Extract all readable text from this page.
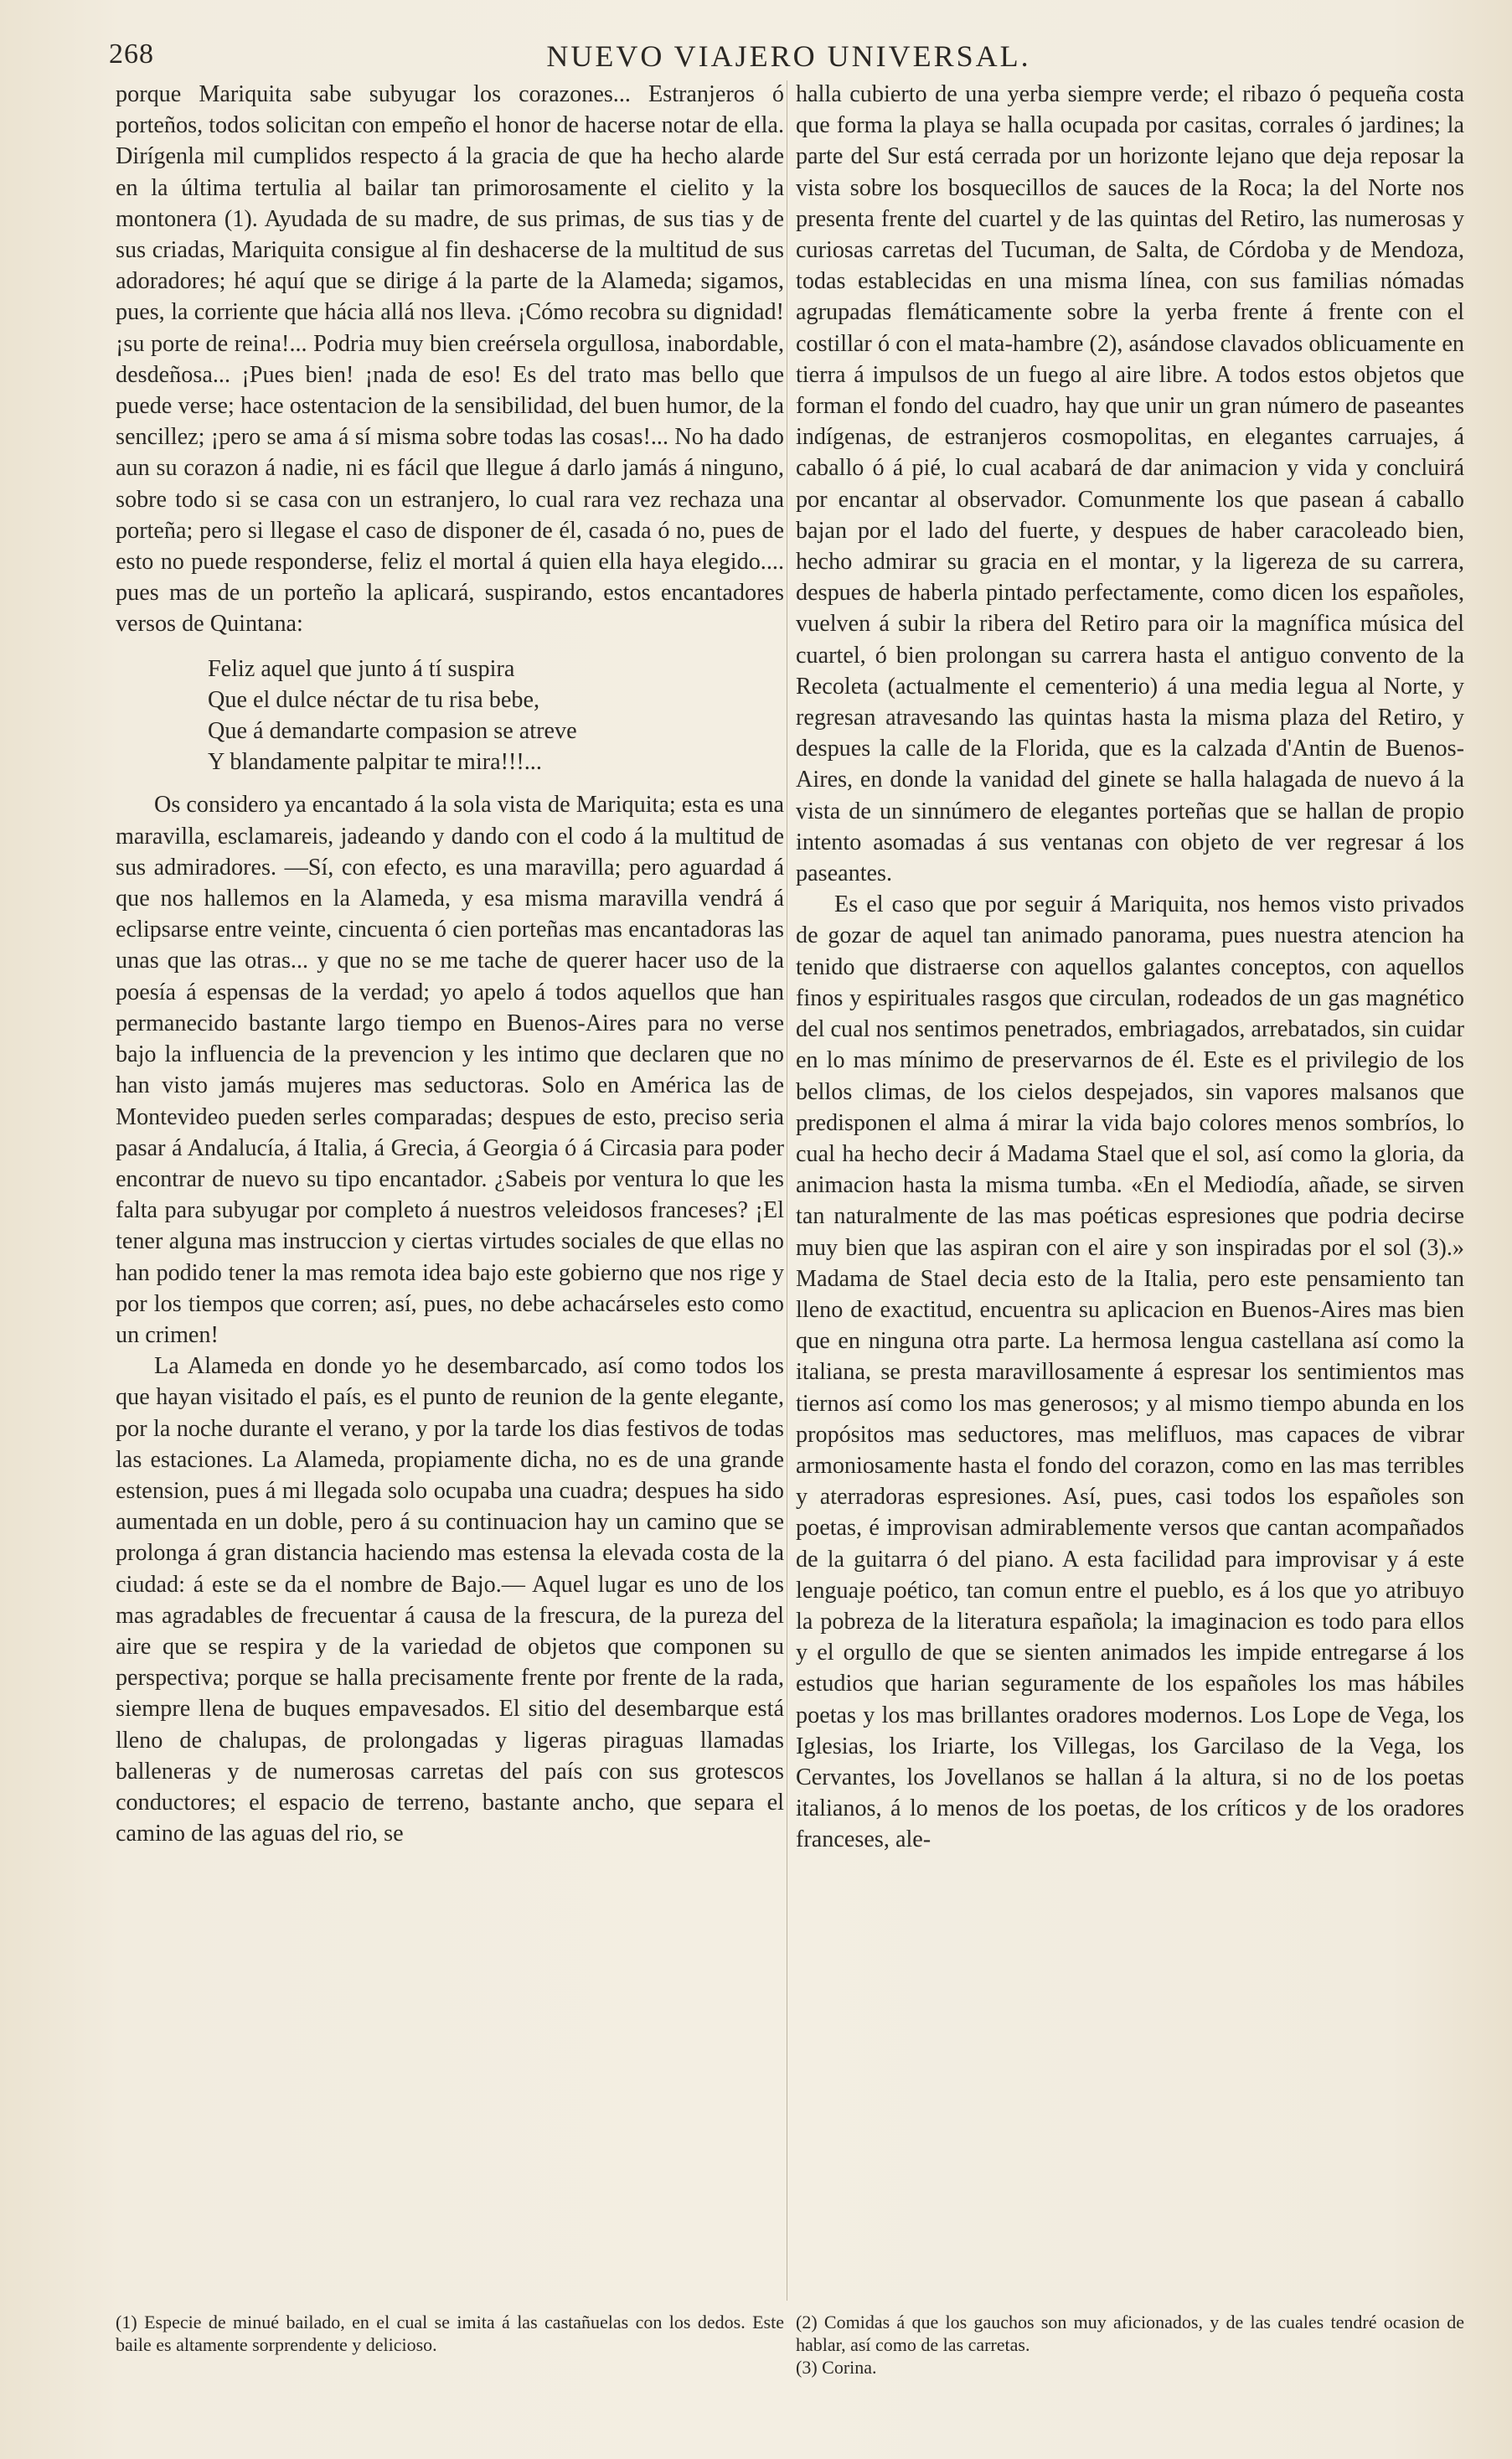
268	NUEVO VIAJERO UNIVERSAL.

porque Mariquita sabe subyugar los corazones... Estranjeros ó porteños, todos solicitan con empeño el honor de hacerse notar de ella. Dirígenla mil cumplidos respecto á la gracia de que ha hecho alarde en la última tertulia al bailar tan primorosamente el cielito y la montonera (1). Ayudada de su madre, de sus primas, de sus tias y de sus criadas, Mariquita consigue al fin deshacerse de la multitud de sus adoradores; hé aquí que se dirige á la parte de la Alameda; sigamos, pues, la corriente que hácia allá nos lleva. ¡Cómo recobra su dignidad! ¡su porte de reina!... Podria muy bien creérsela orgullosa, inabordable, desdeñosa... ¡Pues bien! ¡nada de eso! Es del trato mas bello que puede verse; hace ostentacion de la sensibilidad, del buen humor, de la sencillez; ¡pero se ama á sí misma sobre todas las cosas!... No ha dado aun su corazon á nadie, ni es fácil que llegue á darlo jamás á ninguno, sobre todo si se casa con un estranjero, lo cual rara vez rechaza una porteña; pero si llegase el caso de disponer de él, casada ó no, pues de esto no puede responderse, feliz el mortal á quien ella haya elegido.... pues mas de un porteño la aplicará, suspirando, estos encantadores versos de Quintana:

Feliz aquel que junto á tí suspira
Que el dulce néctar de tu risa bebe,
Que á demandarte compasion se atreve
Y blandamente palpitar te mira!!!...

Os considero ya encantado á la sola vista de Mariquita; esta es una maravilla, esclamareis, jadeando y dando con el codo á la multitud de sus admiradores. —Sí, con efecto, es una maravilla; pero aguardad á que nos hallemos en la Alameda, y esa misma maravilla vendrá á eclipsarse entre veinte, cincuenta ó cien porteñas mas encantadoras las unas que las otras... y que no se me tache de querer hacer uso de la poesía á espensas de la verdad; yo apelo á todos aquellos que han permanecido bastante largo tiempo en Buenos-Aires para no verse bajo la influencia de la prevencion y les intimo que declaren que no han visto jamás mujeres mas seductoras. Solo en América las de Montevideo pueden serles comparadas; despues de esto, preciso seria pasar á Andalucía, á Italia, á Grecia, á Georgia ó á Circasia para poder encontrar de nuevo su tipo encantador. ¿Sabeis por ventura lo que les falta para subyugar por completo á nuestros veleidosos franceses? ¡El tener alguna mas instruccion y ciertas virtudes sociales de que ellas no han podido tener la mas remota idea bajo este gobierno que nos rige y por los tiempos que corren; así, pues, no debe achacárseles esto como un crimen!

La Alameda en donde yo he desembarcado, así como todos los que hayan visitado el país, es el punto de reunion de la gente elegante, por la noche durante el verano, y por la tarde los dias festivos de todas las estaciones. La Alameda, propiamente dicha, no es de una grande estension, pues á mi llegada solo ocupaba una cuadra; despues ha sido aumentada en un doble, pero á su continuacion hay un camino que se prolonga á gran distancia haciendo mas estensa la elevada costa de la ciudad: á este se da el nombre de Bajo.— Aquel lugar es uno de los mas agradables de frecuentar á causa de la frescura, de la pureza del aire que se respira y de la variedad de objetos que componen su perspectiva; porque se halla precisamente frente por frente de la rada, siempre llena de buques empavesados. El sitio del desembarque está lleno de chalupas, de prolongadas y ligeras piraguas llamadas balleneras y de numerosas carretas del país con sus grotescos conductores; el espacio de terreno, bastante ancho, que separa el camino de las aguas del rio, se

halla cubierto de una yerba siempre verde; el ribazo ó pequeña costa que forma la playa se halla ocupada por casitas, corrales ó jardines; la parte del Sur está cerrada por un horizonte lejano que deja reposar la vista sobre los bosquecillos de sauces de la Roca; la del Norte nos presenta frente del cuartel y de las quintas del Retiro, las numerosas y curiosas carretas del Tucuman, de Salta, de Córdoba y de Mendoza, todas establecidas en una misma línea, con sus familias nómadas agrupadas flemáticamente sobre la yerba frente á frente con el costillar ó con el mata-hambre (2), asándose clavados oblicuamente en tierra á impulsos de un fuego al aire libre. A todos estos objetos que forman el fondo del cuadro, hay que unir un gran número de paseantes indígenas, de estranjeros cosmopolitas, en elegantes carruajes, á caballo ó á pié, lo cual acabará de dar animacion y vida y concluirá por encantar al observador. Comunmente los que pasean á caballo bajan por el lado del fuerte, y despues de haber caracoleado bien, hecho admirar su gracia en el montar, y la ligereza de su carrera, despues de haberla pintado perfectamente, como dicen los españoles, vuelven á subir la ribera del Retiro para oir la magnífica música del cuartel, ó bien prolongan su carrera hasta el antiguo convento de la Recoleta (actualmente el cementerio) á una media legua al Norte, y regresan atravesando las quintas hasta la misma plaza del Retiro, y despues la calle de la Florida, que es la calzada d'Antin de Buenos-Aires, en donde la vanidad del ginete se halla halagada de nuevo á la vista de un sinnúmero de elegantes porteñas que se hallan de propio intento asomadas á sus ventanas con objeto de ver regresar á los paseantes.

Es el caso que por seguir á Mariquita, nos hemos visto privados de gozar de aquel tan animado panorama, pues nuestra atencion ha tenido que distraerse con aquellos galantes conceptos, con aquellos finos y espirituales rasgos que circulan, rodeados de un gas magnético del cual nos sentimos penetrados, embriagados, arrebatados, sin cuidar en lo mas mínimo de preservarnos de él. Este es el privilegio de los bellos climas, de los cielos despejados, sin vapores malsanos que predisponen el alma á mirar la vida bajo colores menos sombríos, lo cual ha hecho decir á Madama Stael que el sol, así como la gloria, da animacion hasta la misma tumba. «En el Mediodía, añade, se sirven tan naturalmente de las mas poéticas espresiones que podria decirse muy bien que las aspiran con el aire y son inspiradas por el sol (3).» Madama de Stael decia esto de la Italia, pero este pensamiento tan lleno de exactitud, encuentra su aplicacion en Buenos-Aires mas bien que en ninguna otra parte. La hermosa lengua castellana así como la italiana, se presta maravillosamente á espresar los sentimientos mas tiernos así como los mas generosos; y al mismo tiempo abunda en los propósitos mas seductores, mas melifluos, mas capaces de vibrar armoniosamente hasta el fondo del corazon, como en las mas terribles y aterradoras espresiones. Así, pues, casi todos los españoles son poetas, é improvisan admirablemente versos que cantan acompañados de la guitarra ó del piano. A esta facilidad para improvisar y á este lenguaje poético, tan comun entre el pueblo, es á los que yo atribuyo la pobreza de la literatura española; la imaginacion es todo para ellos y el orgullo de que se sienten animados les impide entregarse á los estudios que harian seguramente de los españoles los mas hábiles poetas y los mas brillantes oradores modernos. Los Lope de Vega, los Iglesias, los Iriarte, los Villegas, los Garcilaso de la Vega, los Cervantes, los Jovellanos se hallan á la altura, si no de los poetas italianos, á lo menos de los poetas, de los críticos y de los oradores franceses, ale-

(1) Especie de minué bailado, en el cual se imita á las castañuelas con los dedos. Este baile es altamente sorprendente y delicioso.

(2) Comidas á que los gauchos son muy aficionados, y de las cuales tendré ocasion de hablar, así como de las carretas.

(3) Corina.
